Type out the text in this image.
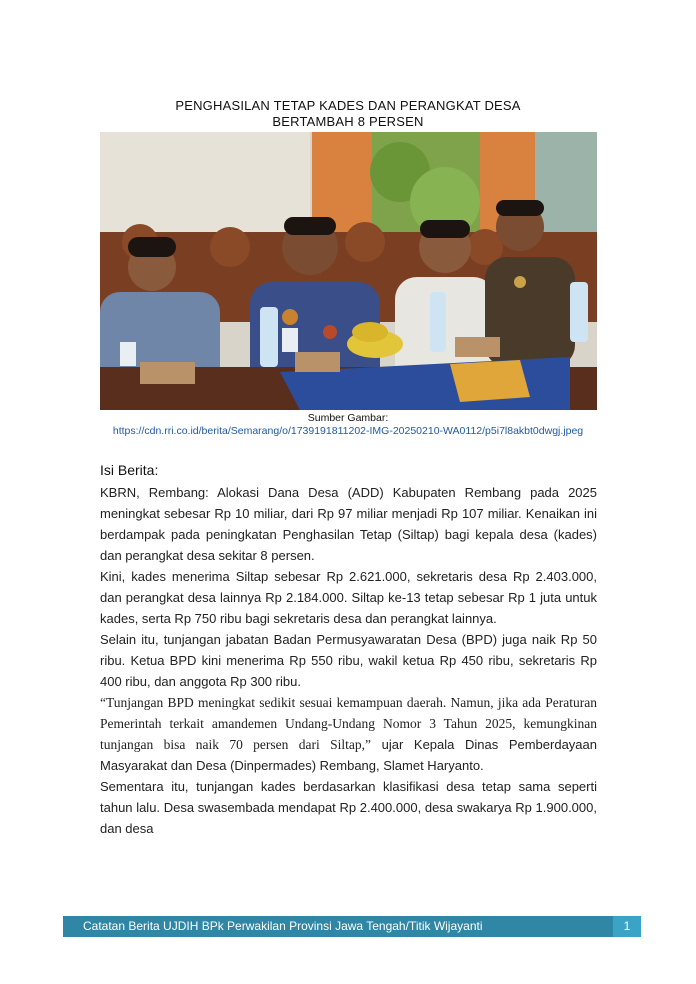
PENGHASILAN TETAP KADES DAN PERANGKAT DESA
BERTAMBAH 8 PERSEN
Sumber Gambar:
https://cdn.rri.co.id/berita/Semarang/o/1739191811202-IMG-20250210-WA0112/p5i7l8akbt0dwgj.jpeg
Isi Berita:

KBRN, Rembang: Alokasi Dana Desa (ADD) Kabupaten Rembang pada 2025 meningkat sebesar Rp 10 miliar, dari Rp 97 miliar menjadi Rp 107 miliar. Kenaikan ini berdampak pada peningkatan Penghasilan Tetap (Siltap) bagi kepala desa (kades) dan perangkat desa sekitar 8 persen.

Kini, kades menerima Siltap sebesar Rp 2.621.000, sekretaris desa Rp 2.403.000, dan perangkat desa lainnya Rp 2.184.000. Siltap ke-13 tetap sebesar Rp 1 juta untuk kades, serta Rp 750 ribu bagi sekretaris desa dan perangkat lainnya.

Selain itu, tunjangan jabatan Badan Permusyawaratan Desa (BPD) juga naik Rp 50 ribu. Ketua BPD kini menerima Rp 550 ribu, wakil ketua Rp 450 ribu, sekretaris Rp 400 ribu, dan anggota Rp 300 ribu.

“Tunjangan BPD meningkat sedikit sesuai kemampuan daerah. Namun, jika ada Peraturan Pemerintah terkait amandemen Undang-Undang Nomor 3 Tahun 2025, kemungkinan tunjangan bisa naik 70 persen dari Siltap,” ujar Kepala Dinas Pemberdayaan Masyarakat dan Desa (Dinpermades) Rembang, Slamet Haryanto.

Sementara itu, tunjangan kades berdasarkan klasifikasi desa tetap sama seperti tahun lalu. Desa swasembada mendapat Rp 2.400.000, desa swakarya Rp 1.900.000, dan desa

Catatan Berita UJDIH BPk Perwakilan Provinsi Jawa Tengah/Titik Wijayanti	1
